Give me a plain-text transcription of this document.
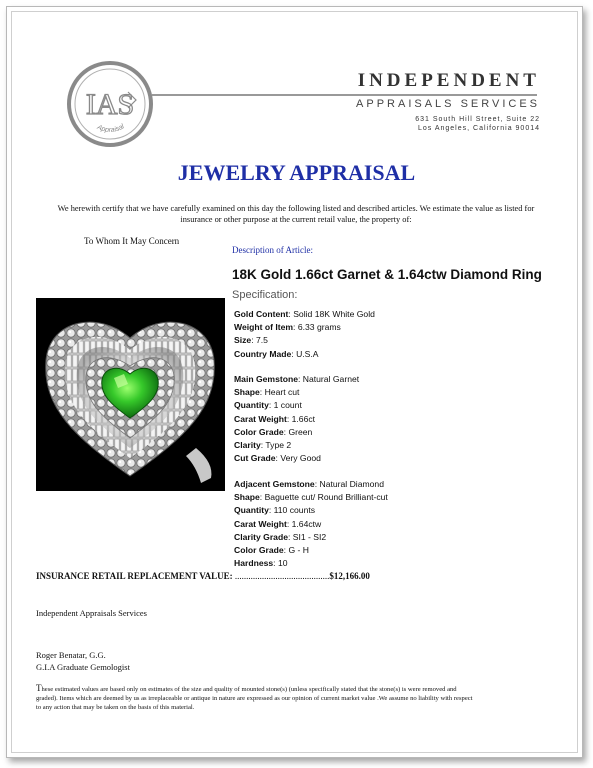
IAS
Appraisal
INDEPENDENT
APPRAISALS SERVICES
631 South Hill Street, Suite 22
Los Angeles, California 90014
JEWELRY APPRAISAL
We herewith certify that we have carefully examined on this day the following listed and described articles. We estimate the value as listed for insurance or other purpose at the current retail value, the property of:
To Whom It May Concern
Description of Article:
18K Gold 1.66ct Garnet & 1.64ctw Diamond Ring
Specification:
Gold Content: Solid 18K White Gold
Weight of Item: 6.33 grams
Size: 7.5
Country Made: U.S.A
Main Gemstone: Natural Garnet
Shape: Heart cut
Quantity: 1 count
Carat Weight: 1.66ct
Color Grade: Green
Clarity: Type 2
Cut Grade: Very Good
Adjacent Gemstone: Natural Diamond
Shape: Baguette cut/ Round Brilliant-cut
Quantity: 110 counts
Carat Weight: 1.64ctw
Clarity Grade: SI1 - SI2
Color Grade: G - H
Hardness: 10
INSURANCE RETAIL REPLACEMENT VALUE: ..........................................$12,166.00
Independent Appraisals Services
Roger Benatar, G.G.
G.I.A Graduate Gemologist
These estimated values are based only on estimates of the size and quality of mounted stone(s) (unless specifically stated that the stone(s) is were removed and graded). Items which are deemed by us as irreplaceable or antique in nature are expressed as our opinion of current market value .We assume no liability with respect to any action that may be taken on the basis of this material.
